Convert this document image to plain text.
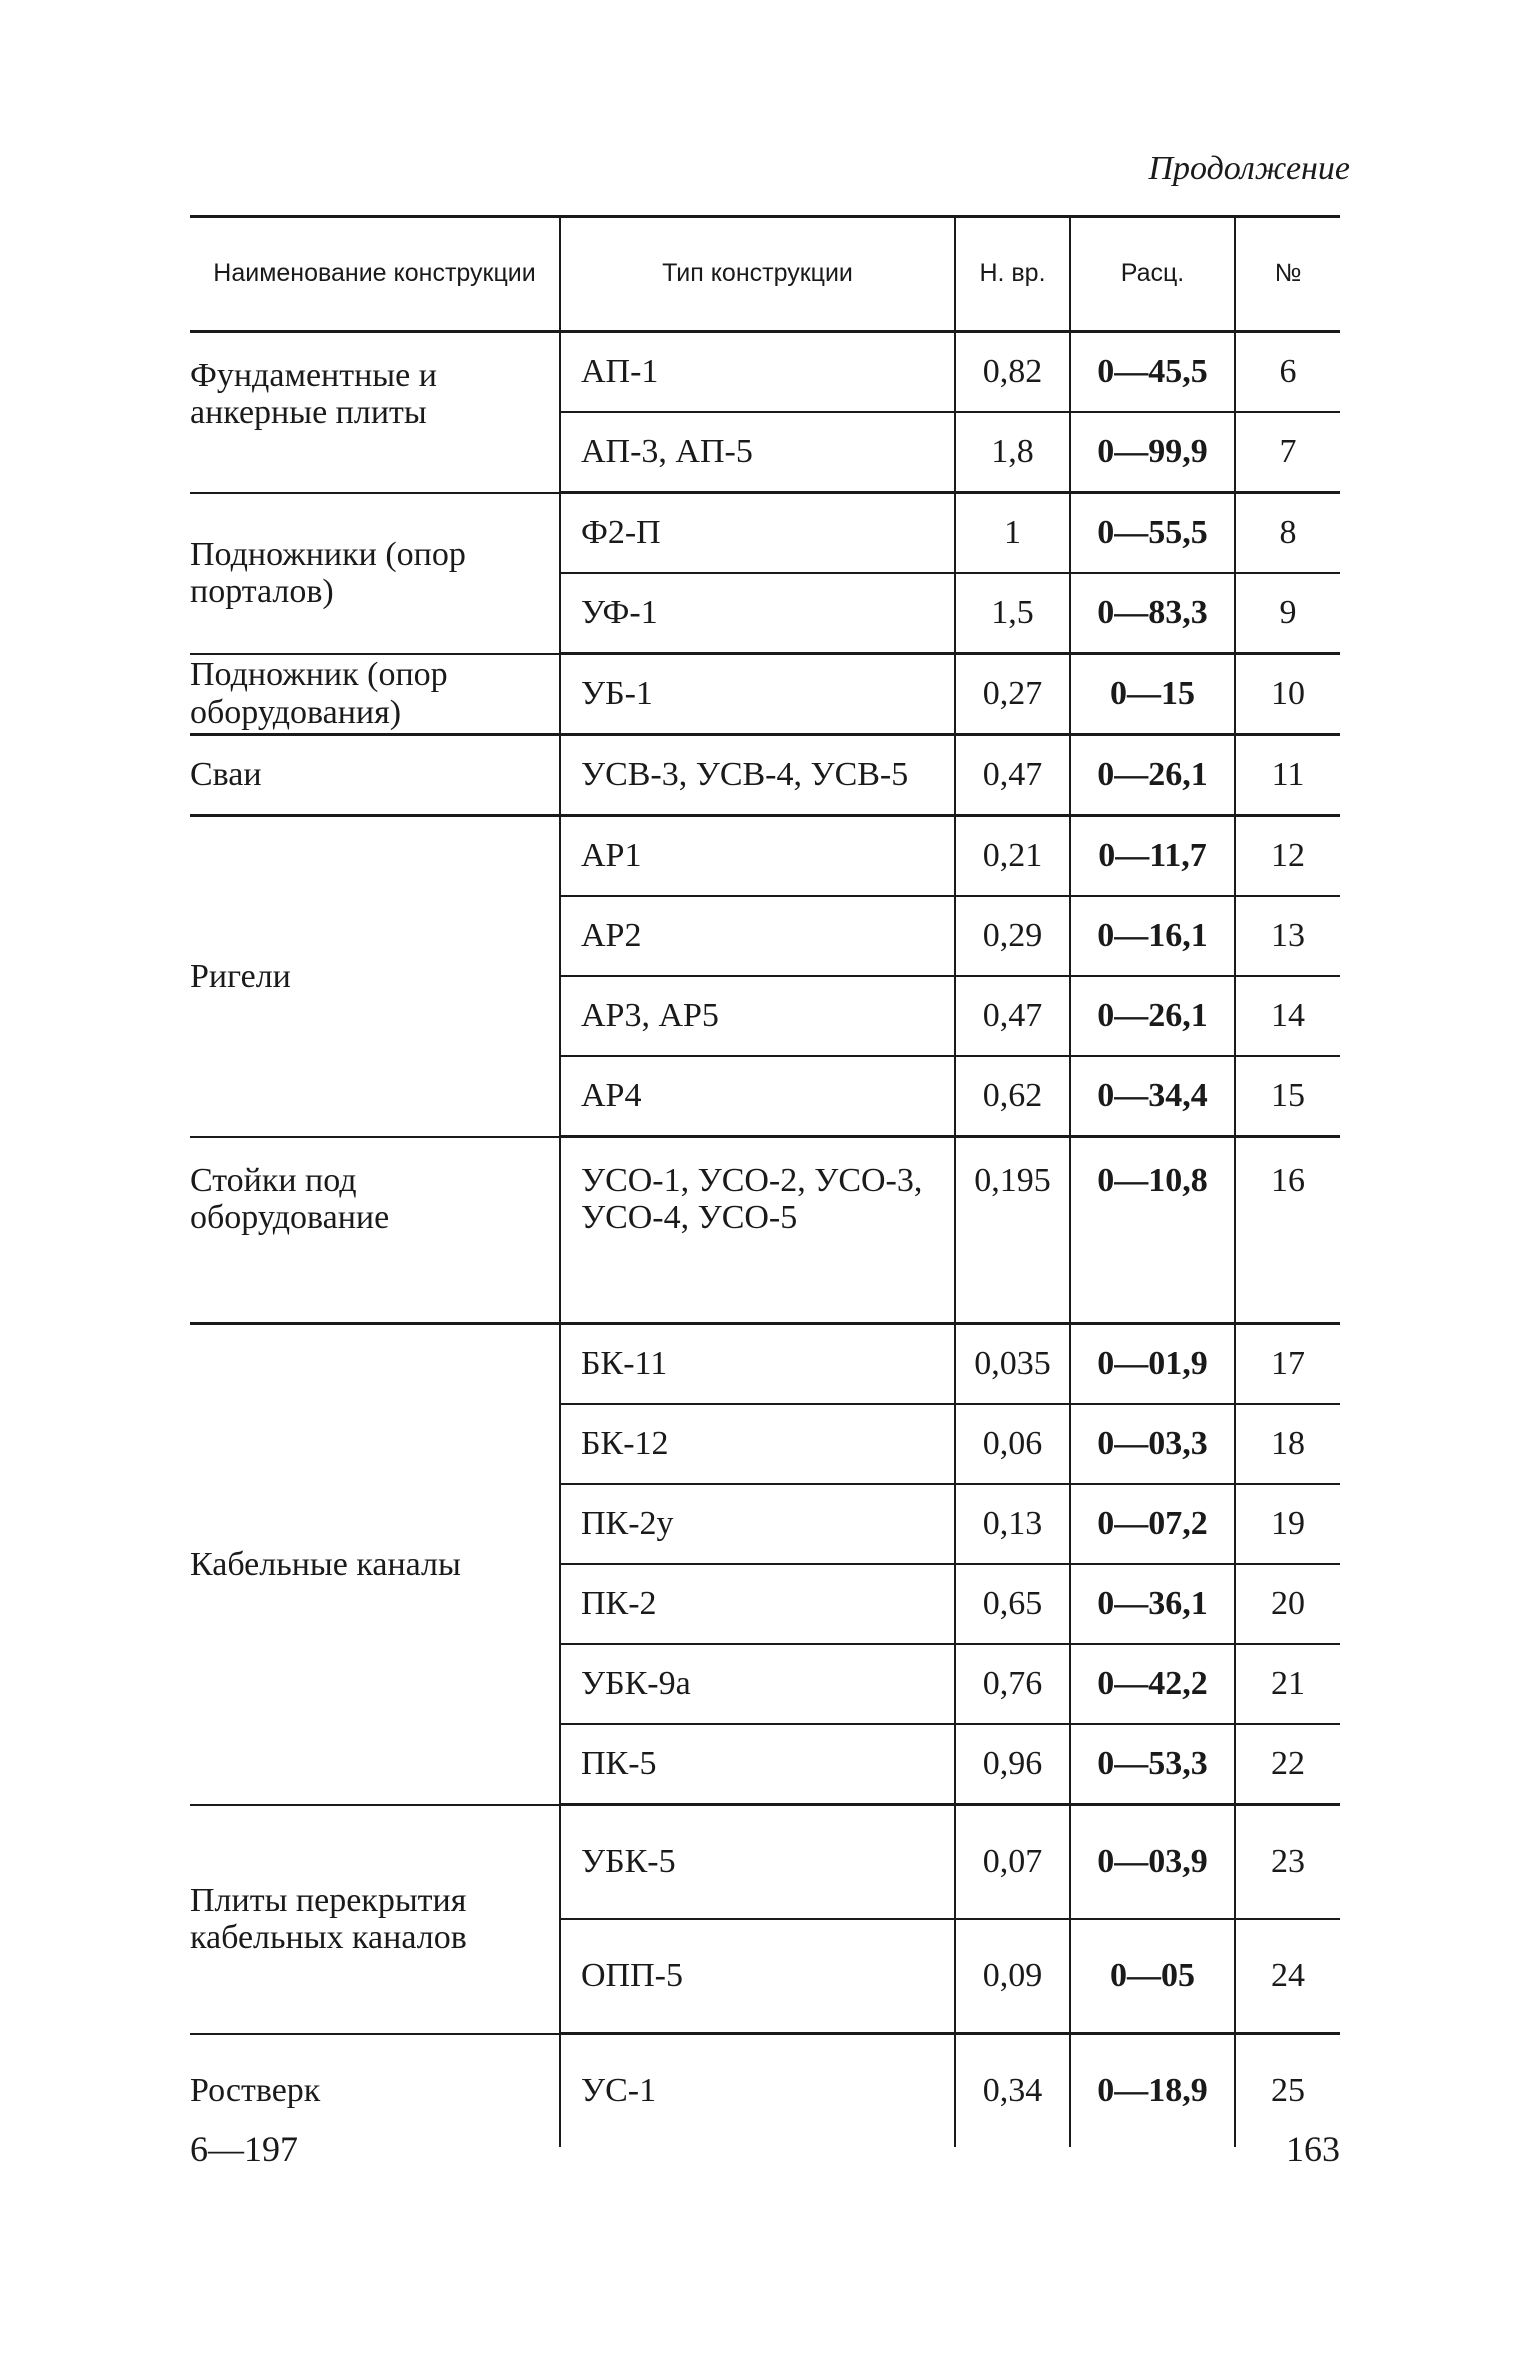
Продолжение
Наименование конструкции	Тип конструкции	Н. вр.	Расц.	№
Фундаментные и анкерные плиты	АП-1	0,82	0—45,5	6
	АП-3, АП-5	1,8	0—99,9	7
Подножники (опор порталов)	Ф2-П	1	0—55,5	8
	УФ-1	1,5	0—83,3	9
Подножник (опор оборудования)	УБ-1	0,27	0—15	10
Сваи	УСВ-3, УСВ-4, УСВ-5	0,47	0—26,1	11
Ригели	АР1	0,21	0—11,7	12
	АР2	0,29	0—16,1	13
	АР3, АР5	0,47	0—26,1	14
	АР4	0,62	0—34,4	15
Стойки под оборудование	УСО-1, УСО-2, УСО-3, УСО-4, УСО-5	0,195	0—10,8	16
Кабельные каналы	БК-11	0,035	0—01,9	17
	БК-12	0,06	0—03,3	18
	ПК-2у	0,13	0—07,2	19
	ПК-2	0,65	0—36,1	20
	УБК-9а	0,76	0—42,2	21
	ПК-5	0,96	0—53,3	22
Плиты перекрытия кабельных каналов	УБК-5	0,07	0—03,9	23
	ОПП-5	0,09	0—05	24
Ростверк	УС-1	0,34	0—18,9	25
6—197	163
